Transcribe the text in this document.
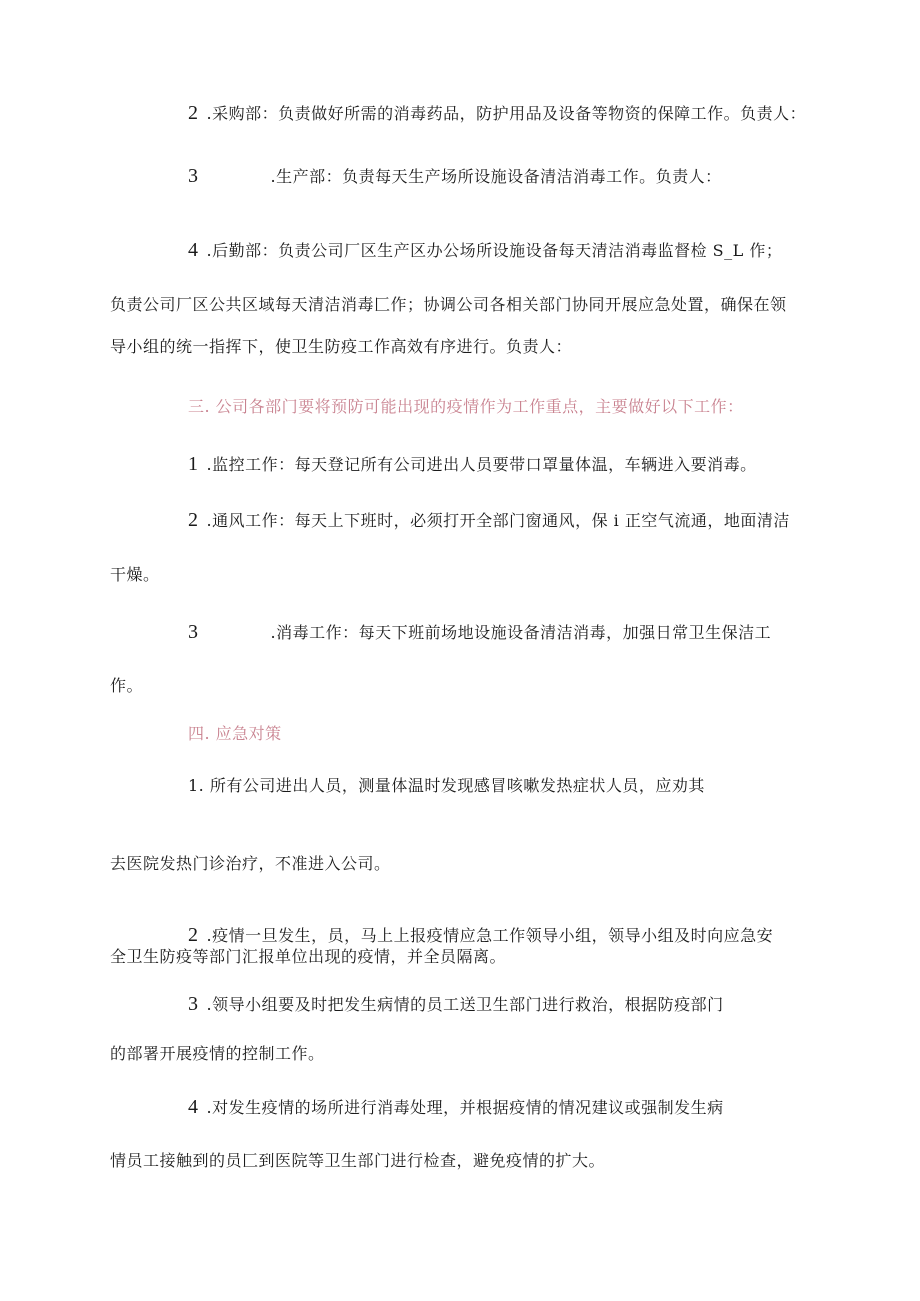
2 .采购部：负责做好所需的消毒药品，防护用品及设备等物资的保障工作。负责人：
3	.生产部：负责每天生产场所设施设备清洁消毒工作。负责人：
4 .后勤部：负责公司厂区生产区办公场所设施设备每天清洁消毒监督检 S_L 作；
负责公司厂区公共区域每天清洁消毒匚作；协调公司各相关部门协同开展应急处置，确保在领
导小组的统一指挥下，使卫生防疫工作高效有序进行。负责人：
三. 公司各部门要将预防可能出现的疫情作为工作重点，主要做好以下工作：
1 .监控工作：每天登记所有公司进出人员要带口罩量体温，车辆进入要消毒。
2 .通风工作：每天上下班时，必须打开全部门窗通风，保 i 正空气流通，地面清洁
干燥。
3	.消毒工作：每天下班前场地设施设备清洁消毒，加强日常卫生保洁工
作。
四. 应急对策
1. 所有公司进出人员，测量体温时发现感冒咳嗽发热症状人员，应劝其
去医院发热门诊治疗，不准进入公司。
2 .疫情一旦发生，员，马上上报疫情应急工作领导小组，领导小组及时向应急安
全卫生防疫等部门汇报单位出现的疫情，并全员隔离。
3 .领导小组要及时把发生病情的员工送卫生部门进行救治，根据防疫部门
的部署开展疫情的控制工作。
4 .对发生疫情的场所进行消毒处理，并根据疫情的情况建议或强制发生病
情员工接触到的员匚到医院等卫生部门进行检查，避免疫情的扩大。
